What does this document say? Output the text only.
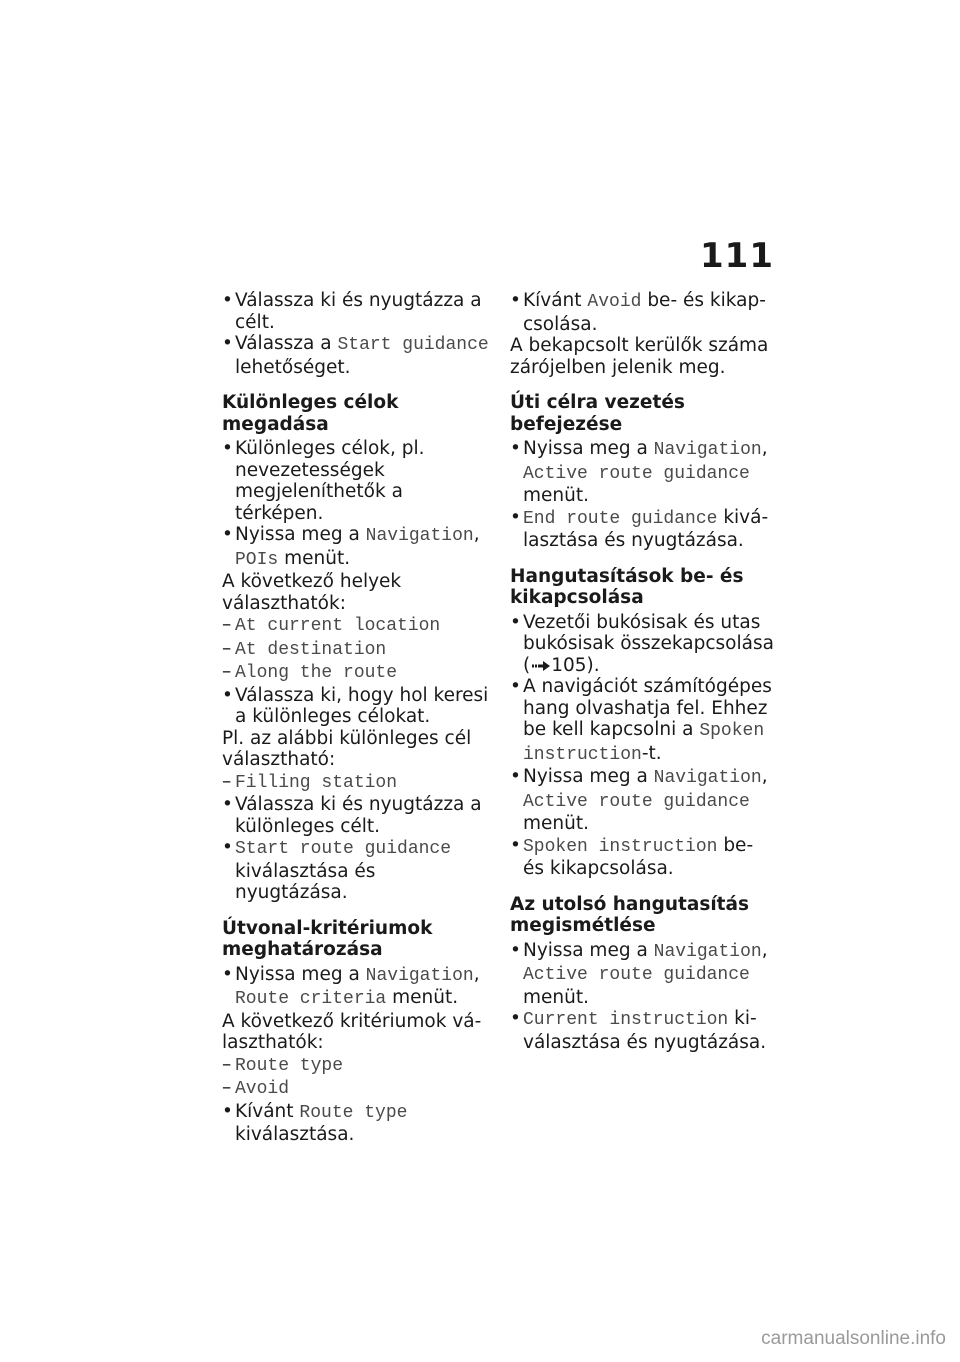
111

• Válassza ki és nyugtázza a célt.

• Válassza a Start guidance lehetőséget.

Különleges célok megadása

• Különleges célok, pl. nevezetességek megjeleníthetők a térképen.

• Nyissa meg a Navigation, POIs menüt.

A következő helyek választhatók:

– At current location

– At destination

– Along the route

• Válassza ki, hogy hol keresi a különleges célokat.

Pl. az alábbi különleges cél választható:

– Filling station

• Válassza ki és nyugtázza a különleges célt.

• Start route guidance kiválasztása és nyugtázása.

Útvonal-kritériumok meghatározása

• Nyissa meg a Navigation, Route criteria menüt.

A következő kritériumok választhatók:

– Route type

– Avoid

• Kívánt Route type kiválasztása.

• Kívánt Avoid be- és kikapcsolása.

A bekapcsolt kerülők száma zárójelben jelenik meg.

Úti célra vezetés befejezése

• Nyissa meg a Navigation,
Active route guidance menüt.

• End route guidance kiválasztása és nyugtázása.

Hangutasítások be- és kikapcsolása

• Vezetői bukósisak és utas bukósisak összekapcsolása ( 105).

• A navigációt számítógépes hang olvashatja fel. Ehhez be kell kapcsolni a Spoken instruction-t.

• Nyissa meg a Navigation,
Active route guidance menüt.

• Spoken instruction be- és kikapcsolása.

Az utolsó hangutasítás megismétlése

• Nyissa meg a Navigation,
Active route guidance menüt.

• Current instruction kiválasztása és nyugtázása.

carmanualsonline.info
